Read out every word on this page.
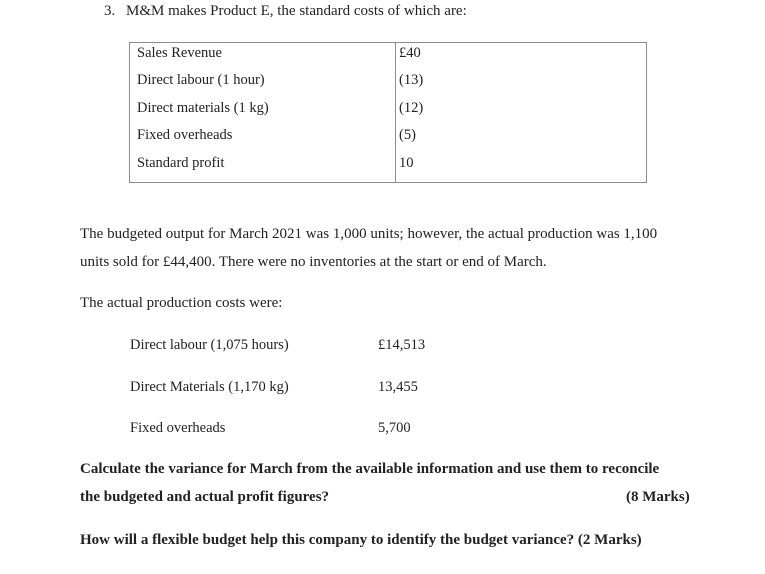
3. M&M makes Product E, the standard costs of which are:
Sales Revenue	£40
Direct labour (1 hour)	(13)
Direct materials (1 kg)	(12)
Fixed overheads	(5)
Standard profit	10
The budgeted output for March 2021 was 1,000 units; however, the actual production was 1,100
units sold for £44,400. There were no inventories at the start or end of March.
The actual production costs were:
Direct labour (1,075 hours)	£14,513
Direct Materials (1,170 kg)	13,455
Fixed overheads	5,700
Calculate the variance for March from the available information and use them to reconcile
the budgeted and actual profit figures?	(8 Marks)
How will a flexible budget help this company to identify the budget variance? (2 Marks)
